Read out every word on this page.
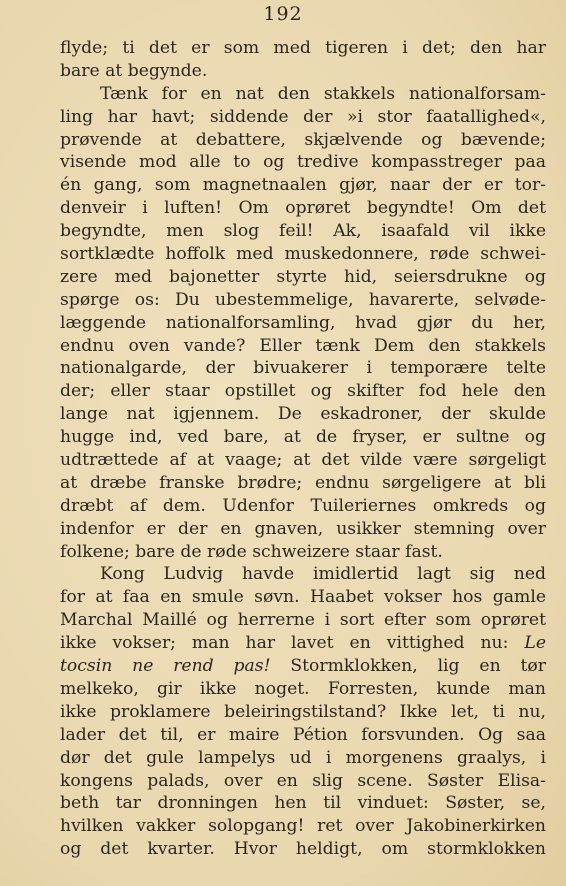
192
flyde; ti det er som med tigeren i det; den har
bare at begynde.
Tænk for en nat den stakkels nationalforsam-
ling har havt; siddende der »i stor faatallighed«,
prøvende at debattere, skjælvende og bævende;
visende mod alle to og tredive kompasstreger paa
én gang, som magnetnaalen gjør, naar der er tor-
denveir i luften! Om oprøret begyndte! Om det
begyndte, men slog feil! Ak, isaafald vil ikke
sortklædte hoffolk med muskedonnere, røde schwei-
zere med bajonetter styrte hid, seiersdrukne og
spørge os: Du ubestemmelige, havarerte, selvøde-
læggende nationalforsamling, hvad gjør du her,
endnu oven vande? Eller tænk Dem den stakkels
nationalgarde, der bivuakerer i temporære telte
der; eller staar opstillet og skifter fod hele den
lange nat igjennem. De eskadroner, der skulde
hugge ind, ved bare, at de fryser, er sultne og
udtrættede af at vaage; at det vilde være sørgeligt
at dræbe franske brødre; endnu sørgeligere at bli
dræbt af dem. Udenfor Tuileriernes omkreds og
indenfor er der en gnaven, usikker stemning over
folkene; bare de røde schweizere staar fast.
Kong Ludvig havde imidlertid lagt sig ned
for at faa en smule søvn. Haabet vokser hos gamle
Marchal Maillé og herrerne i sort efter som oprøret
ikke vokser; man har lavet en vittighed nu: Le
tocsin ne rend pas! Stormklokken, lig en tør
melkeko, gir ikke noget. Forresten, kunde man
ikke proklamere beleiringstilstand? Ikke let, ti nu,
lader det til, er maire Pétion forsvunden. Og saa
dør det gule lampelys ud i morgenens graalys, i
kongens palads, over en slig scene. Søster Elisa-
beth tar dronningen hen til vinduet: Søster, se,
hvilken vakker solopgang! ret over Jakobinerkirken
og det kvarter. Hvor heldigt, om stormklokken
